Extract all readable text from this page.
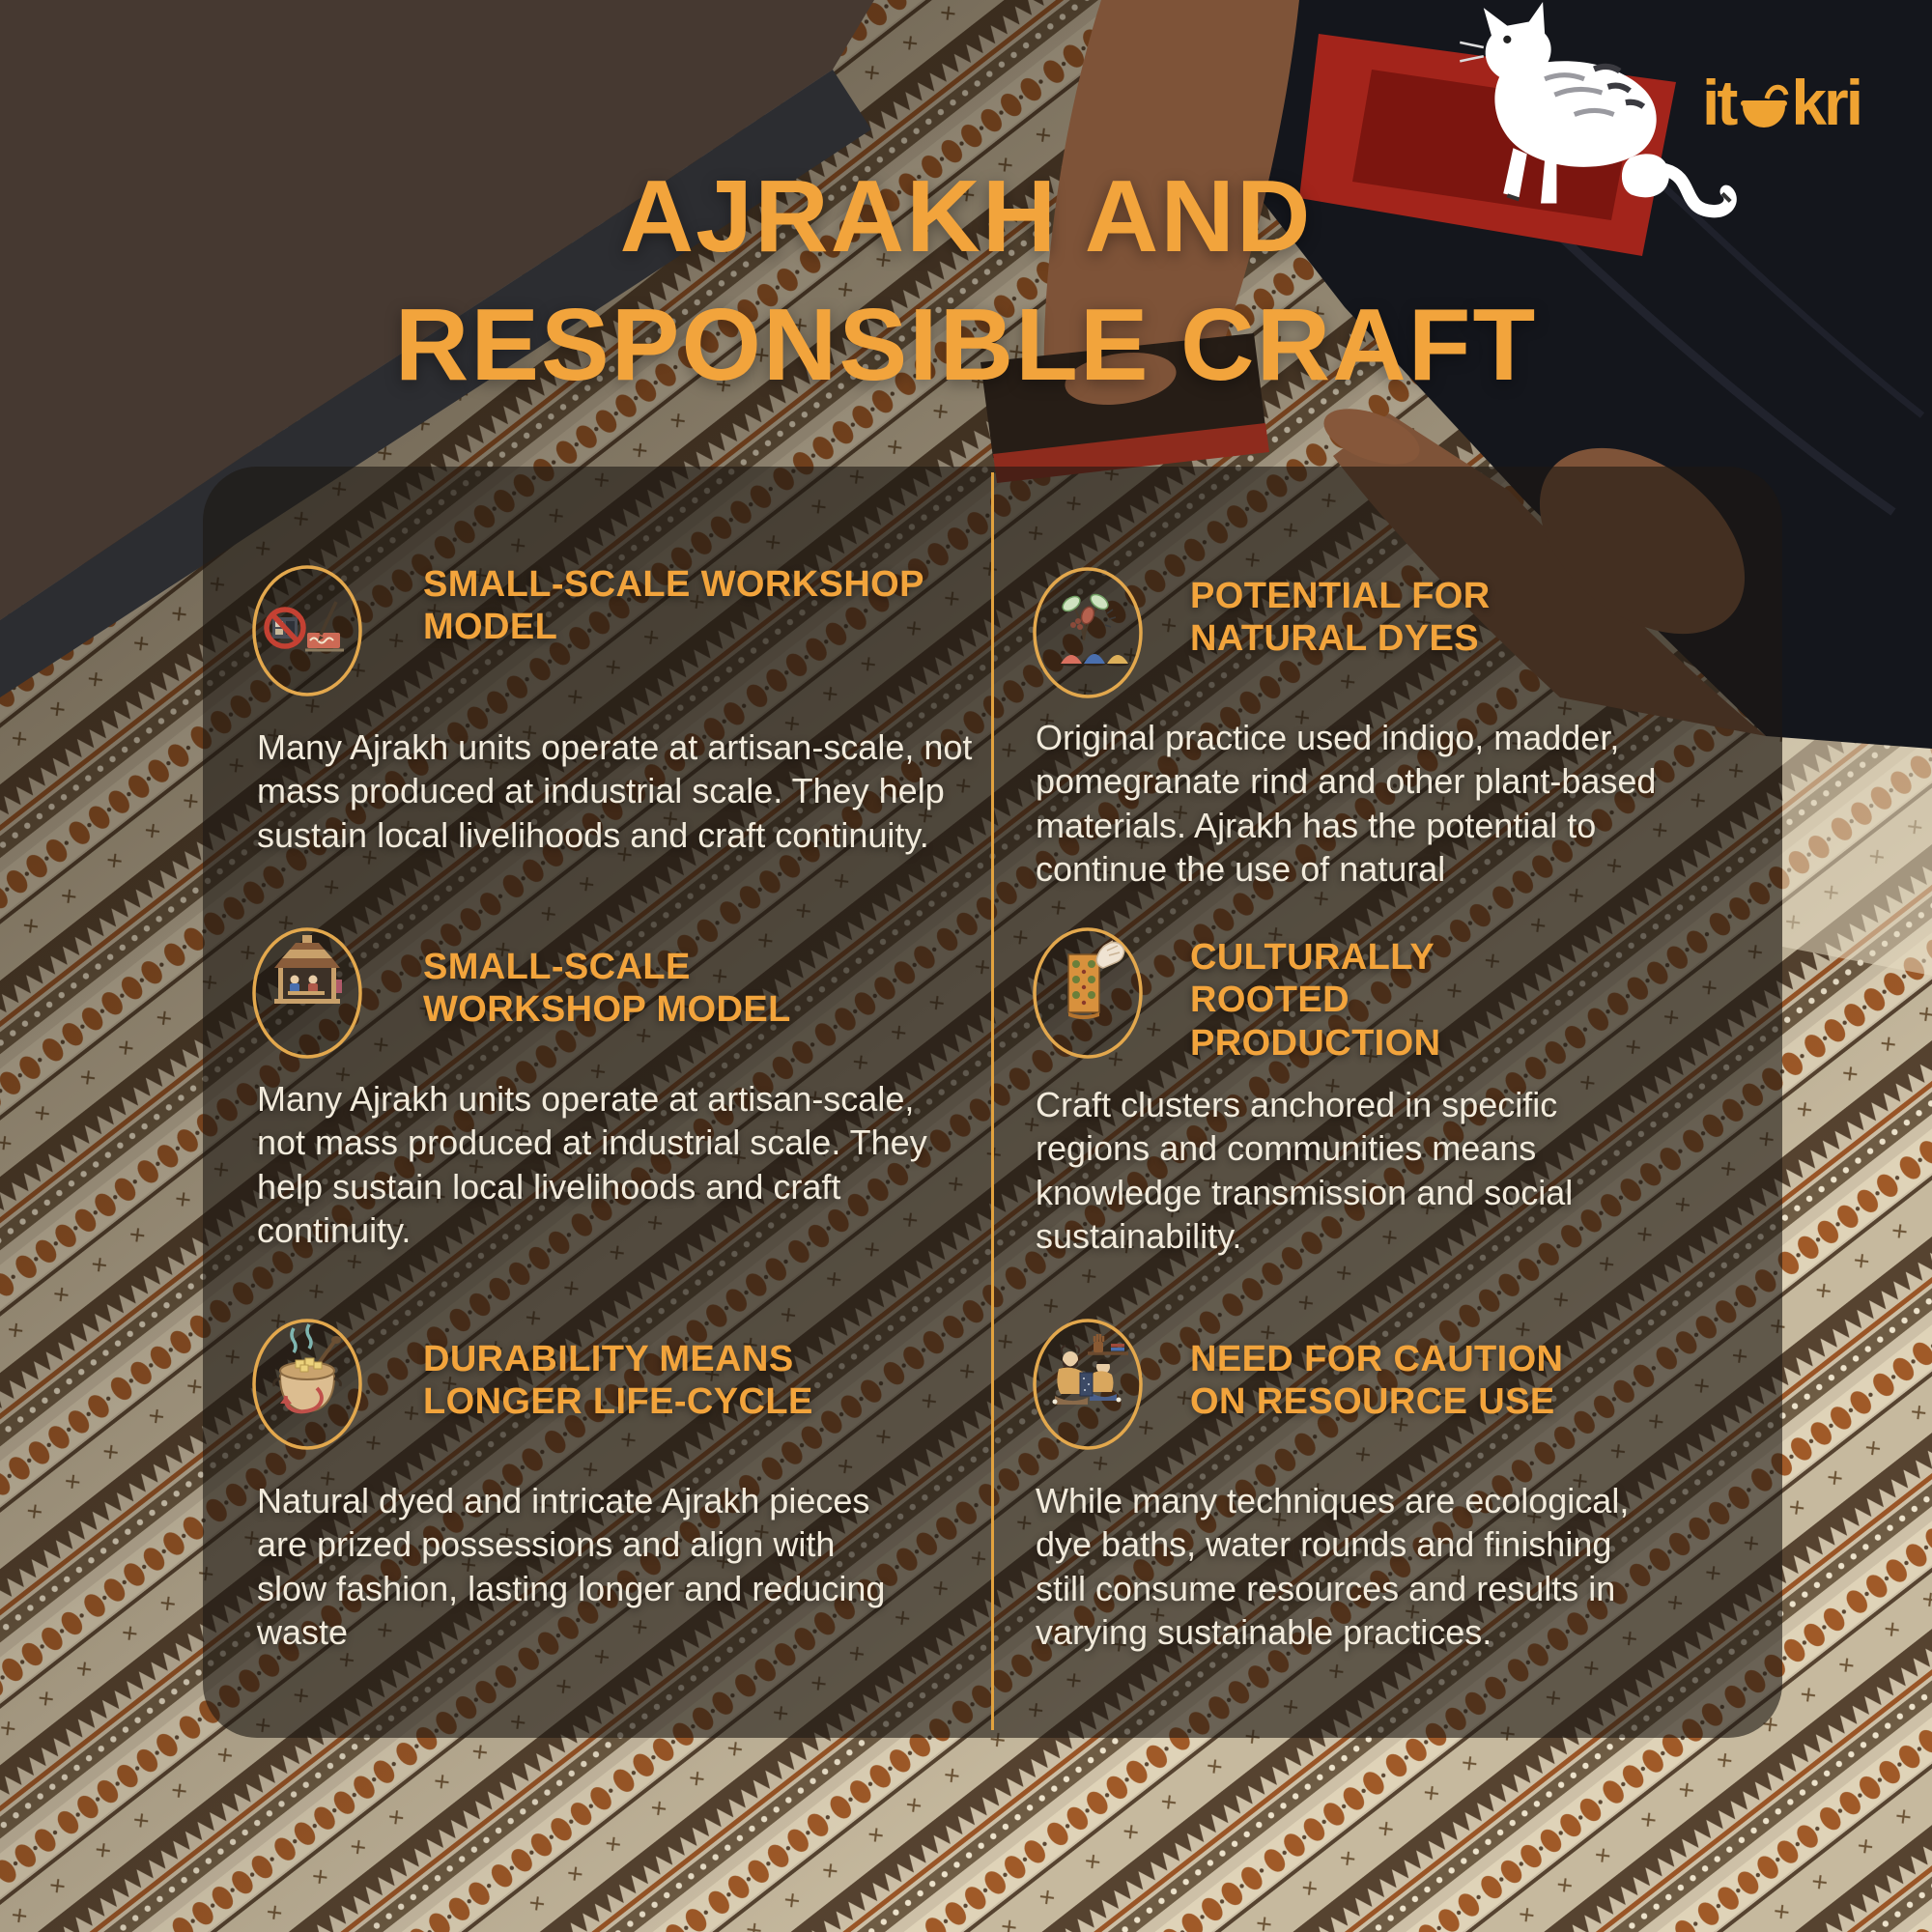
it kri
AJRAKH AND
RESPONSIBLE CRAFT
SMALL-SCALE WORKSHOP MODEL

Many Ajrakh units operate at artisan-scale, not mass produced at industrial scale. They help sustain local livelihoods and craft continuity.

POTENTIAL FOR NATURAL DYES

Original practice used indigo, madder, pomegranate rind and other plant-based materials. Ajrakh has the potential to continue the use of natural

SMALL-SCALE WORKSHOP MODEL

Many Ajrakh units operate at artisan-scale, not mass produced at industrial scale. They help sustain local livelihoods and craft continuity.

CULTURALLY ROOTED PRODUCTION

Craft clusters anchored in specific regions and communities means knowledge transmission and social sustainability.

DURABILITY MEANS LONGER LIFE-CYCLE

Natural dyed and intricate Ajrakh pieces are prized possessions and align with slow fashion, lasting longer and reducing waste

NEED FOR CAUTION ON RESOURCE USE

While many techniques are ecological, dye baths, water rounds and finishing still consume resources and results in varying sustainable practices.
